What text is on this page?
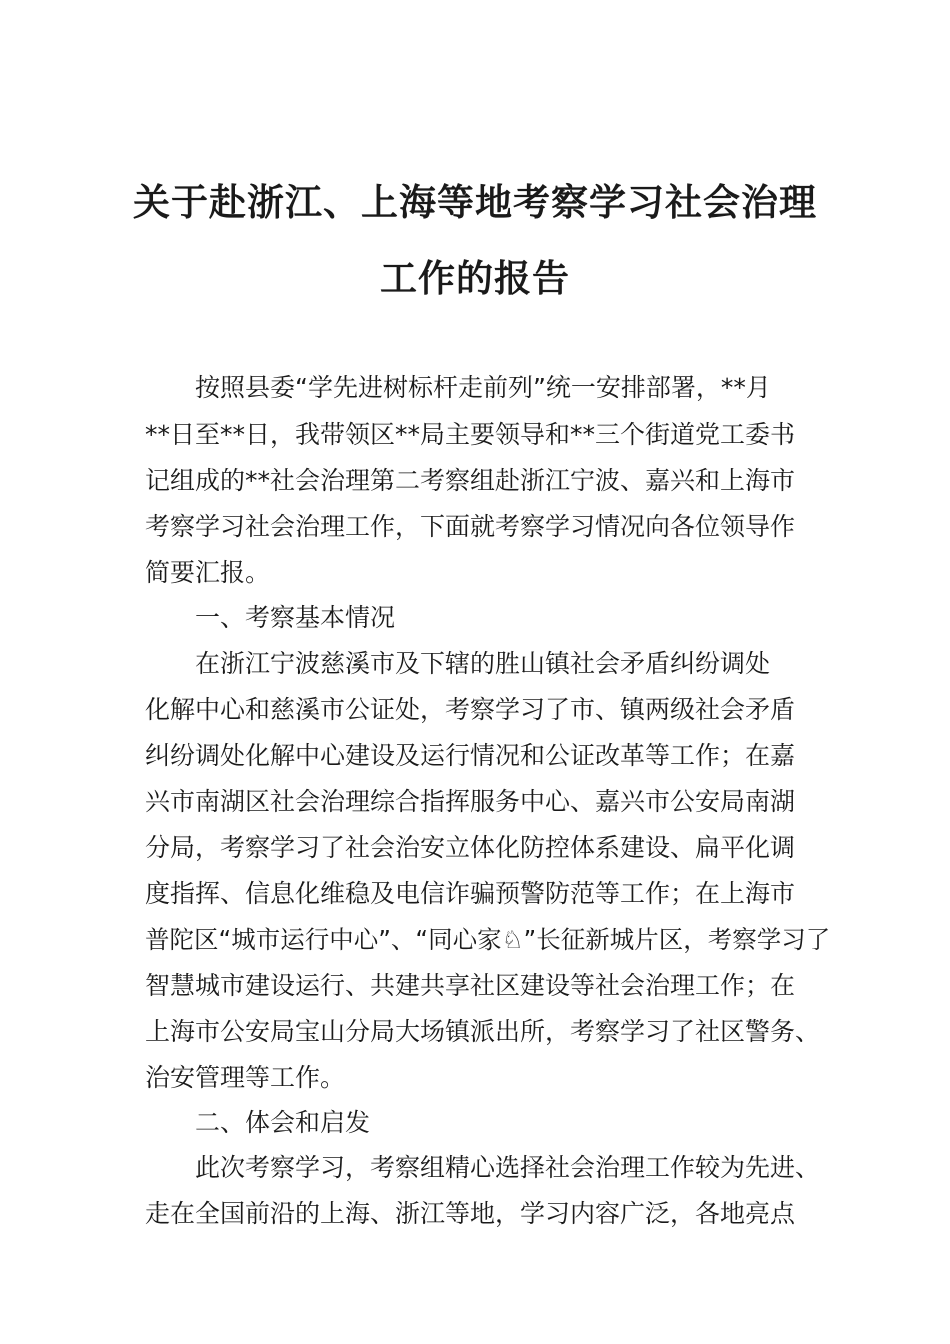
关于赴浙江、上海等地考察学习社会治理
工作的报告
按照县委“学先进树标杆走前列”统一安排部署，**月
**日至**日，我带领区**局主要领导和**三个街道党工委书
记组成的**社会治理第二考察组赴浙江宁波、嘉兴和上海市
考察学习社会治理工作，下面就考察学习情况向各位领导作
简要汇报。
一、考察基本情况
在浙江宁波慈溪市及下辖的胜山镇社会矛盾纠纷调处
化解中心和慈溪市公证处，考察学习了市、镇两级社会矛盾
纠纷调处化解中心建设及运行情况和公证改革等工作；在嘉
兴市南湖区社会治理综合指挥服务中心、嘉兴市公安局南湖
分局，考察学习了社会治安立体化防控体系建设、扁平化调
度指挥、信息化维稳及电信诈骗预警防范等工作；在上海市
普陀区“城市运行中心”、“同心家♘”长征新城片区，考察学习了
智慧城市建设运行、共建共享社区建设等社会治理工作；在
上海市公安局宝山分局大场镇派出所，考察学习了社区警务、
治安管理等工作。
二、体会和启发
此次考察学习，考察组精心选择社会治理工作较为先进、
走在全国前沿的上海、浙江等地，学习内容广泛，各地亮点
